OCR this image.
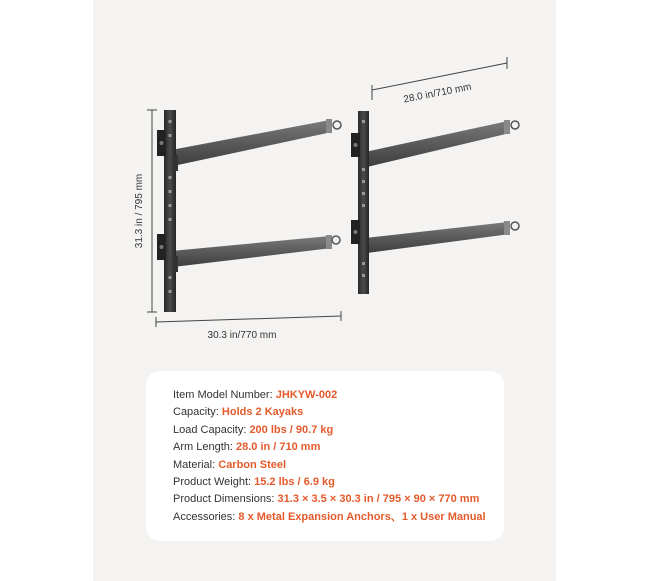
31.3 in / 795 mm
30.3 in/770 mm
28.0 in/710 mm
Item Model Number: JHKYW-002
Capacity: Holds 2 Kayaks
Load Capacity: 200 lbs / 90.7 kg
Arm Length: 28.0 in / 710 mm
Material: Carbon Steel
Product Weight: 15.2 lbs / 6.9 kg
Product Dimensions: 31.3 × 3.5 × 30.3 in / 795 × 90 × 770 mm
Accessories: 8 x Metal Expansion Anchors、1 x User Manual
